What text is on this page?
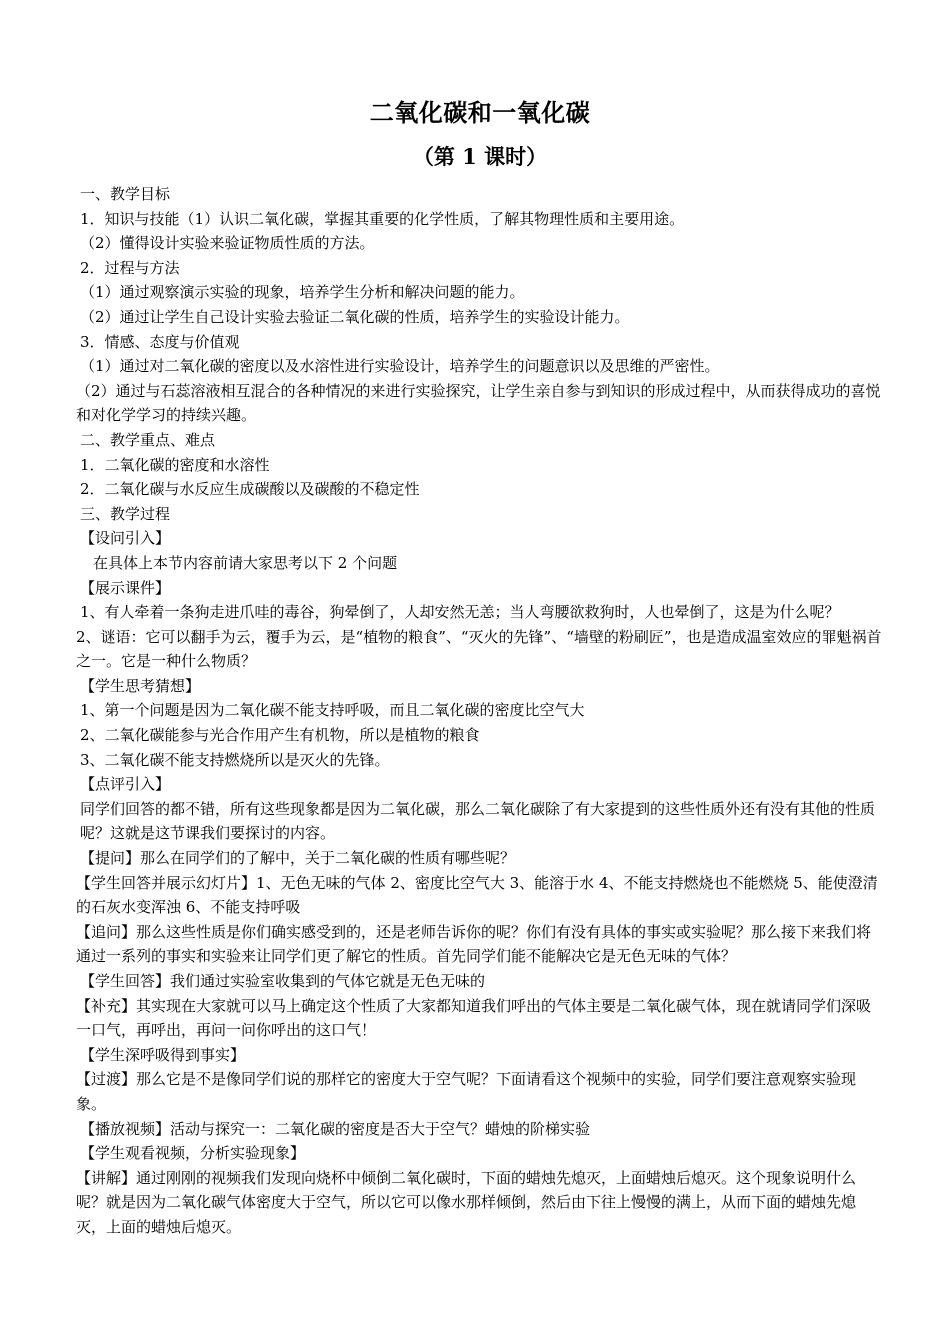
二氧化碳和一氧化碳
（第 1 课时）

一、教学目标

1．知识与技能（1）认识二氧化碳，掌握其重要的化学性质，了解其物理性质和主要用途。

（2）懂得设计实验来验证物质性质的方法。

2．过程与方法

（1）通过观察演示实验的现象，培养学生分析和解决问题的能力。

（2）通过让学生自己设计实验去验证二氧化碳的性质，培养学生的实验设计能力。

3．情感、态度与价值观

（1）通过对二氧化碳的密度以及水溶性进行实验设计，培养学生的问题意识以及思维的严密性。

（2）通过与石蕊溶液相互混合的各种情况的来进行实验探究，让学生亲自参与到知识的形成过程中，从而获得成功的喜悦和对化学学习的持续兴趣。

二、教学重点、难点

1．二氧化碳的密度和水溶性

2．二氧化碳与水反应生成碳酸以及碳酸的不稳定性

三、教学过程

【设问引入】

在具体上本节内容前请大家思考以下 2 个问题

【展示课件】

1、有人牵着一条狗走进爪哇的毒谷，狗晕倒了，人却安然无恙；当人弯腰欲救狗时，人也晕倒了，这是为什么呢？

2、谜语：它可以翻手为云，覆手为云，是“植物的粮食”、“灭火的先锋”、“墙壁的粉刷匠”，也是造成温室效应的罪魁祸首之一。它是一种什么物质？

【学生思考猜想】

1、第一个问题是因为二氧化碳不能支持呼吸，而且二氧化碳的密度比空气大

2、二氧化碳能参与光合作用产生有机物，所以是植物的粮食

3、二氧化碳不能支持燃烧所以是灭火的先锋。

【点评引入】

同学们回答的都不错，所有这些现象都是因为二氧化碳，那么二氧化碳除了有大家提到的这些性质外还有没有其他的性质呢？这就是这节课我们要探讨的内容。

【提问】那么在同学们的了解中，关于二氧化碳的性质有哪些呢？

【学生回答并展示幻灯片】1、无色无味的气体 2、密度比空气大 3、能溶于水 4、不能支持燃烧也不能燃烧 5、能使澄清的石灰水变浑浊 6、不能支持呼吸

【追问】那么这些性质是你们确实感受到的，还是老师告诉你的呢？你们有没有具体的事实或实验呢？那么接下来我们将通过一系列的事实和实验来让同学们更了解它的性质。首先同学们能不能解决它是无色无味的气体？

【学生回答】我们通过实验室收集到的气体它就是无色无味的

【补充】其实现在大家就可以马上确定这个性质了大家都知道我们呼出的气体主要是二氧化碳气体，现在就请同学们深吸一口气，再呼出，再问一问你呼出的这口气！

【学生深呼吸得到事实】

【过渡】那么它是不是像同学们说的那样它的密度大于空气呢？下面请看这个视频中的实验，同学们要注意观察实验现象。

【播放视频】活动与探究一：二氧化碳的密度是否大于空气？蜡烛的阶梯实验

【学生观看视频，分析实验现象】

【讲解】通过刚刚的视频我们发现向烧杯中倾倒二氧化碳时，下面的蜡烛先熄灭，上面蜡烛后熄灭。这个现象说明什么呢？就是因为二氧化碳气体密度大于空气，所以它可以像水那样倾倒，然后由下往上慢慢的满上，从而下面的蜡烛先熄灭，上面的蜡烛后熄灭。
